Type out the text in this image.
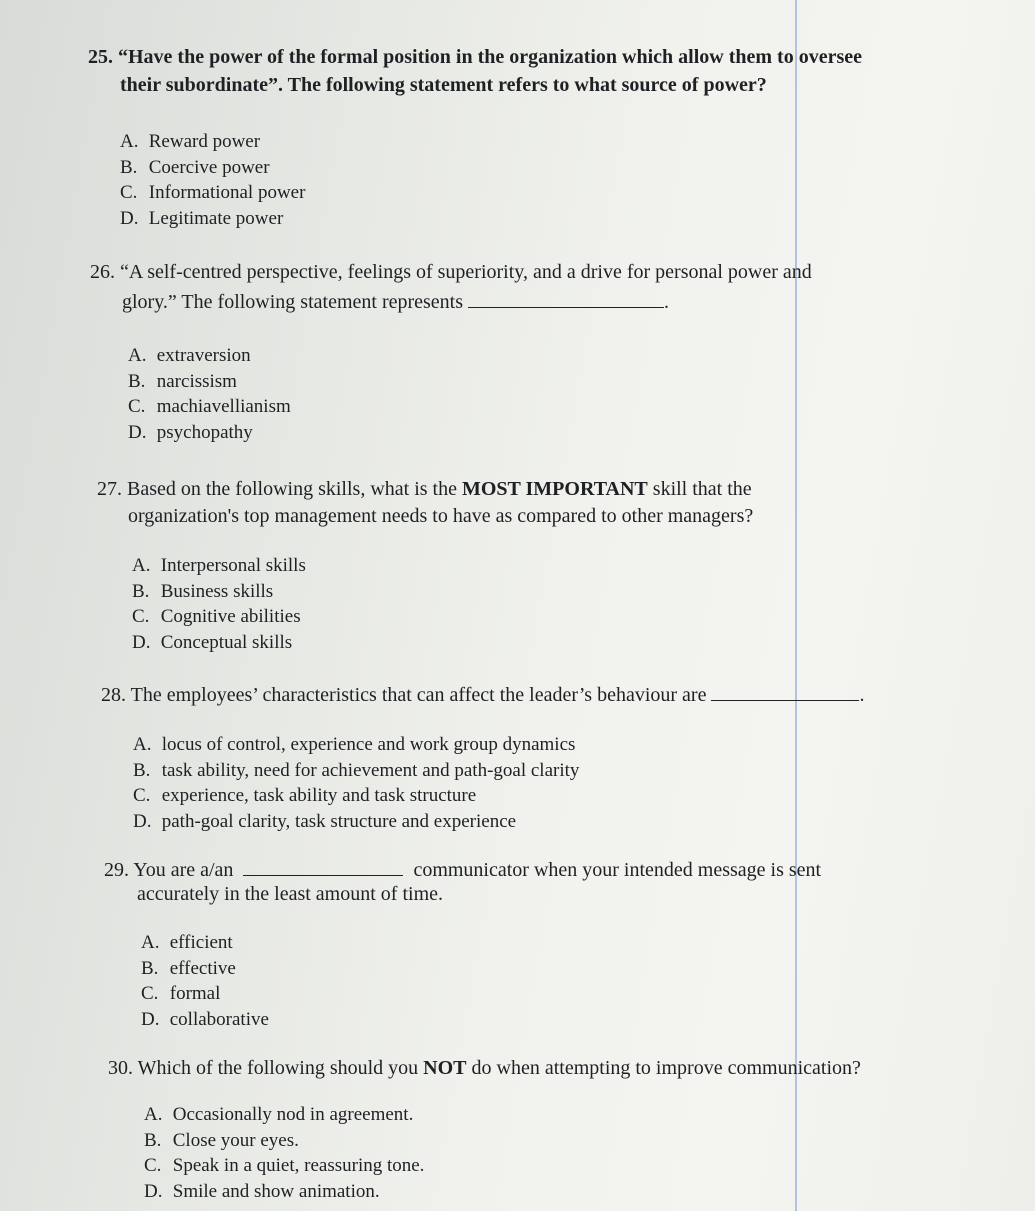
25. “Have the power of the formal position in the organization which allow them to oversee
their subordinate”. The following statement refers to what source of power?
A. Reward power
B. Coercive power
C. Informational power
D. Legitimate power
26. “A self-centred perspective, feelings of superiority, and a drive for personal power and
glory.” The following statement represents	.
A. extraversion
B. narcissism
C. machiavellianism
D. psychopathy
27. Based on the following skills, what is the MOST IMPORTANT skill that the
organization's top management needs to have as compared to other managers?
A. Interpersonal skills
B. Business skills
C. Cognitive abilities
D. Conceptual skills
28. The employees’ characteristics that can affect the leader’s behaviour are	.
A. locus of control, experience and work group dynamics
B. task ability, need for achievement and path-goal clarity
C. experience, task ability and task structure
D. path-goal clarity, task structure and experience
29. You are a/an	communicator when your intended message is sent
accurately in the least amount of time.
A. efficient
B. effective
C. formal
D. collaborative
30. Which of the following should you NOT do when attempting to improve communication?
A. Occasionally nod in agreement.
B. Close your eyes.
C. Speak in a quiet, reassuring tone.
D. Smile and show animation.
